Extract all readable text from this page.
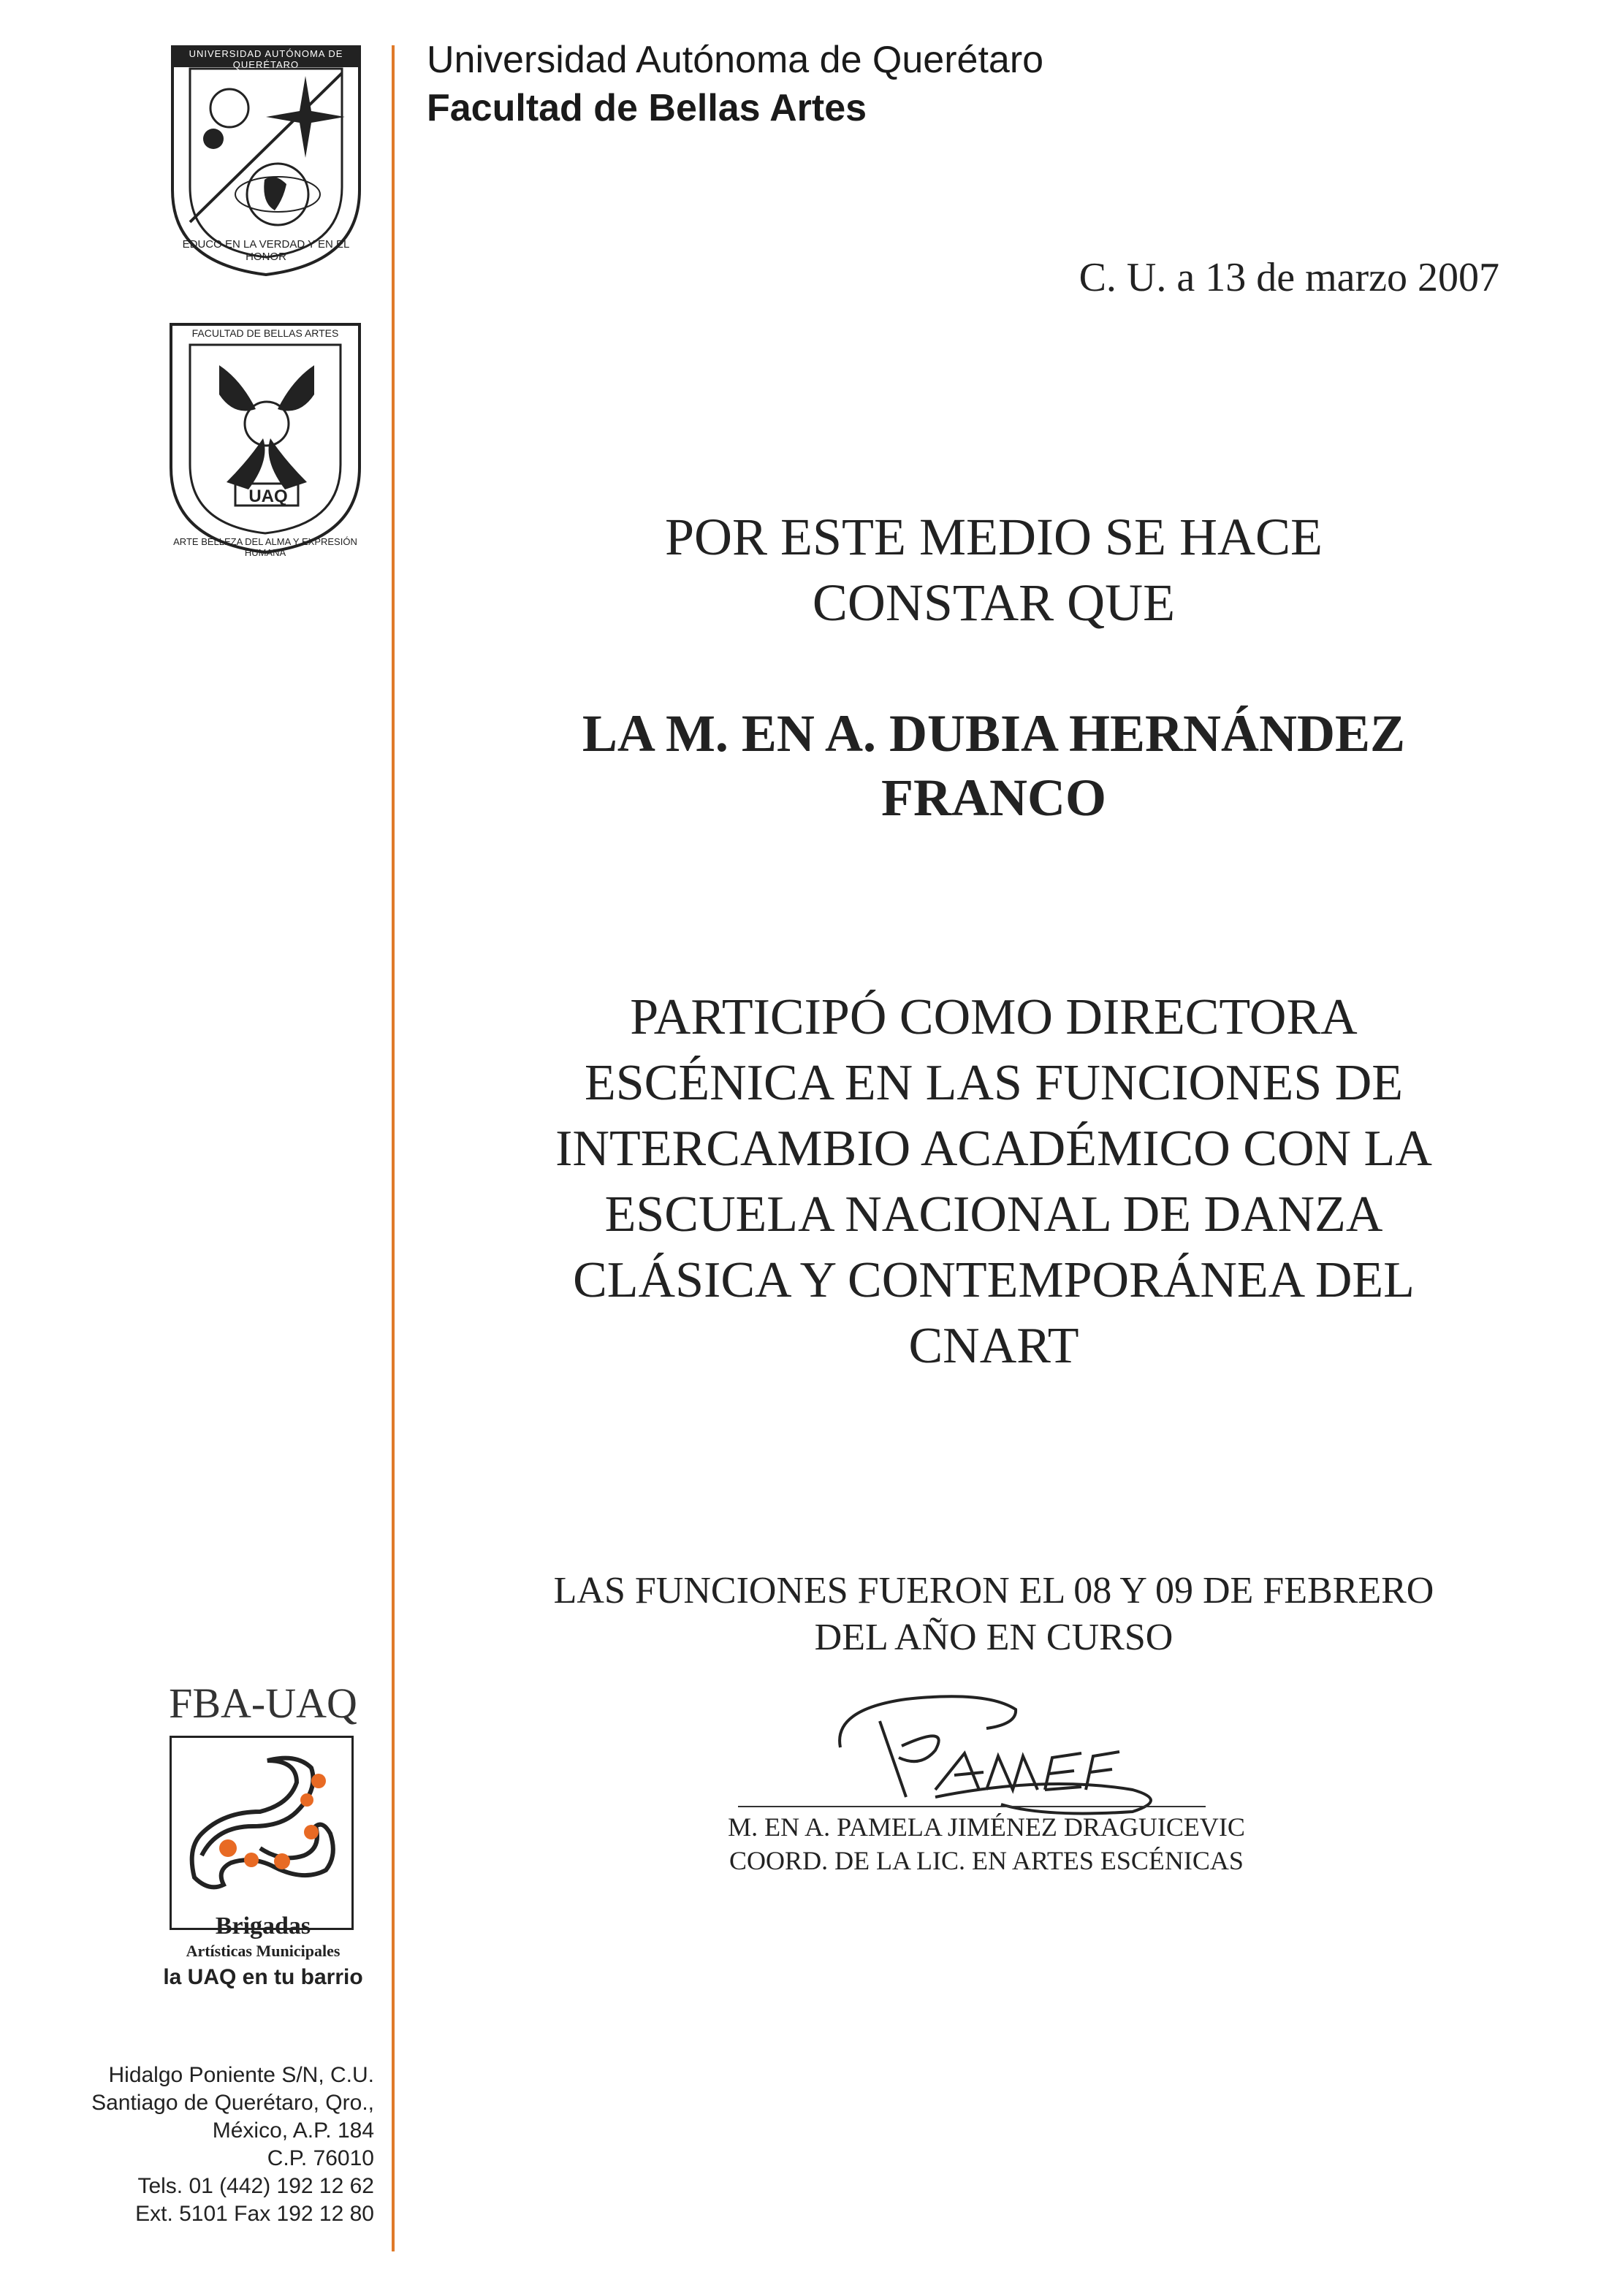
Universidad Autónoma de Querétaro
Facultad de Bellas Artes
UNIVERSIDAD AUTÓNOMA DE QUERÉTARO
EDUCO EN LA VERDAD Y EN EL HONOR
FACULTAD DE BELLAS ARTES
UAQ
ARTE BELLEZA DEL ALMA Y EXPRESIÓN HUMANA
C. U. a 13 de marzo 2007
POR ESTE MEDIO SE HACE
CONSTAR QUE
LA M. EN A. DUBIA HERNÁNDEZ
FRANCO
PARTICIPÓ COMO DIRECTORA
ESCÉNICA EN LAS FUNCIONES DE
INTERCAMBIO ACADÉMICO CON LA
ESCUELA NACIONAL DE DANZA
CLÁSICA Y CONTEMPORÁNEA DEL
CNART
LAS FUNCIONES FUERON EL 08 Y 09 DE FEBRERO
DEL AÑO EN CURSO
M. EN A. PAMELA JIMÉNEZ DRAGUICEVIC
COORD. DE LA LIC. EN ARTES ESCÉNICAS
FBA-UAQ
Brigadas
Artísticas Municipales
la UAQ en tu barrio
Hidalgo Poniente S/N, C.U.
Santiago de Querétaro, Qro.,
México, A.P. 184
C.P. 76010
Tels. 01 (442) 192 12 62
Ext. 5101 Fax 192 12 80
